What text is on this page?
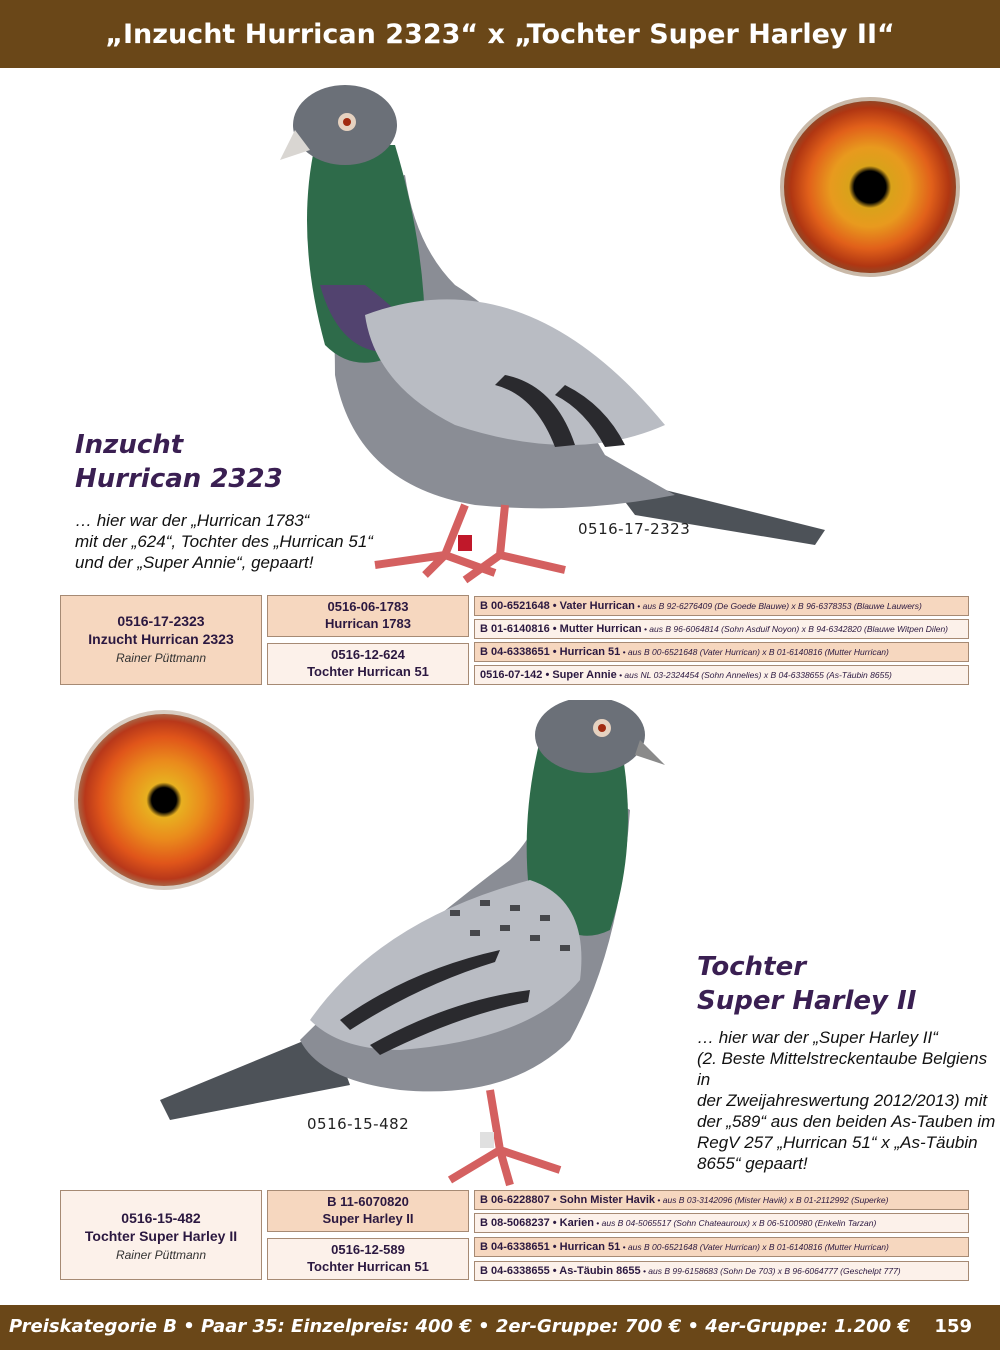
„Inzucht Hurrican 2323“ x „Tochter Super Harley II“
Inzucht
Hurrican 2323
… hier war der „Hurrican 1783“
mit der „624“, Tochter des „Hurrican 51“
und der „Super Annie“, gepaart!
0516-17-2323
0516-17-2323
Inzucht Hurrican 2323
Rainer Püttmann
0516-06-1783
Hurrican 1783
0516-12-624
Tochter Hurrican 51
B 00-6521648 • Vater Hurrican • aus B 92-6276409 (De Goede Blauwe) x B 96-6378353 (Blauwe Lauwers)
B 01-6140816 • Mutter Hurrican • aus B 96-6064814 (Sohn Asduif Noyon) x B 94-6342820 (Blauwe Witpen Dilen)
B 04-6338651 • Hurrican 51 • aus B 00-6521648 (Vater Hurrican) x B 01-6140816 (Mutter Hurrican)
0516-07-142 • Super Annie • aus NL 03-2324454 (Sohn Annelies) x B 04-6338655 (As-Täubin 8655)
Tochter
Super Harley II
… hier war der „Super Harley II“
(2. Beste Mittelstreckentaube Belgiens in
der Zweijahreswertung 2012/2013) mit
der „589“ aus den beiden As-Tauben im
RegV 257 „Hurrican 51“ x „As-Täubin
8655“ gepaart!
0516-15-482
0516-15-482
Tochter Super Harley II
Rainer Püttmann
B 11-6070820
Super Harley II
0516-12-589
Tochter Hurrican 51
B 06-6228807 • Sohn Mister Havik • aus B 03-3142096 (Mister Havik) x B 01-2112992 (Superke)
B 08-5068237 • Karien • aus B 04-5065517 (Sohn Chateauroux) x B 06-5100980 (Enkelin Tarzan)
B 04-6338651 • Hurrican 51 • aus B 00-6521648 (Vater Hurrican) x B 01-6140816 (Mutter Hurrican)
B 04-6338655 • As-Täubin 8655 • aus B 99-6158683 (Sohn De 703) x B 96-6064777 (Geschelpt 777)
Preiskategorie B • Paar 35: Einzelpreis: 400 € • 2er-Gruppe: 700 € • 4er-Gruppe: 1.200 € 159
